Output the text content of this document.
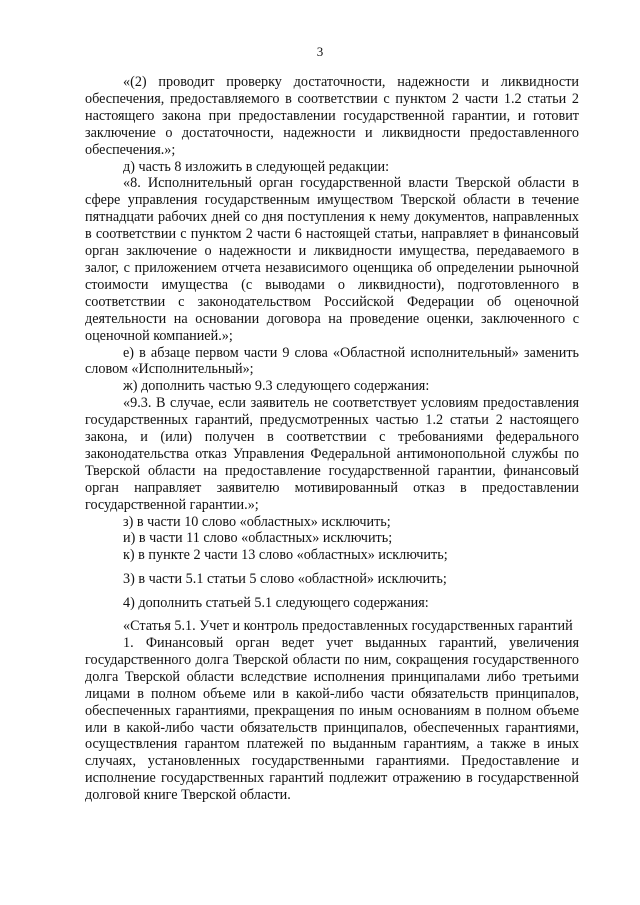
3

«(2) проводит проверку достаточности, надежности и ликвидности обеспечения, предоставляемого в соответствии с пунктом 2 части 1.2 статьи 2 настоящего закона при предоставлении государственной гарантии, и готовит заключение о достаточности, надежности и ликвидности предоставленного обеспечения.»;

д) часть 8 изложить в следующей редакции:

«8. Исполнительный орган государственной власти Тверской области в сфере управления государственным имуществом Тверской области в течение пятнадцати рабочих дней со дня поступления к нему документов, направленных в соответствии с пунктом 2 части 6 настоящей статьи, направляет в финансовый орган заключение о надежности и ликвидности имущества, передаваемого в залог, с приложением отчета независимого оценщика об определении рыночной стоимости имущества (с выводами о ликвидности), подготовленного в соответствии с законодательством Российской Федерации об оценочной деятельности на основании договора на проведение оценки, заключенного с оценочной компанией.»;

е) в абзаце первом части 9 слова «Областной исполнительный» заменить словом «Исполнительный»;

ж) дополнить частью 9.3 следующего содержания:

«9.3. В случае, если заявитель не соответствует условиям предоставления государственных гарантий, предусмотренных частью 1.2 статьи 2 настоящего закона, и (или) получен в соответствии с требованиями федерального законодательства отказ Управления Федеральной антимонопольной службы по Тверской области на предоставление государственной гарантии, финансовый орган направляет заявителю мотивированный отказ в предоставлении государственной гарантии.»;

з) в части 10 слово «областных» исключить;

и) в части 11 слово «областных» исключить;

к) в пункте 2 части 13 слово «областных» исключить;

3) в части 5.1 статьи 5 слово «областной» исключить;

4) дополнить статьей 5.1 следующего содержания:

«Статья 5.1. Учет и контроль предоставленных государственных гарантий

1. Финансовый орган ведет учет выданных гарантий, увеличения государственного долга Тверской области по ним, сокращения государственного долга Тверской области вследствие исполнения принципалами либо третьими лицами в полном объеме или в какой-либо части обязательств принципалов, обеспеченных гарантиями, прекращения по иным основаниям в полном объеме или в какой-либо части обязательств принципалов, обеспеченных гарантиями, осуществления гарантом платежей по выданным гарантиям, а также в иных случаях, установленных государственными гарантиями. Предоставление и исполнение государственных гарантий подлежит отражению в государственной долговой книге Тверской области.
